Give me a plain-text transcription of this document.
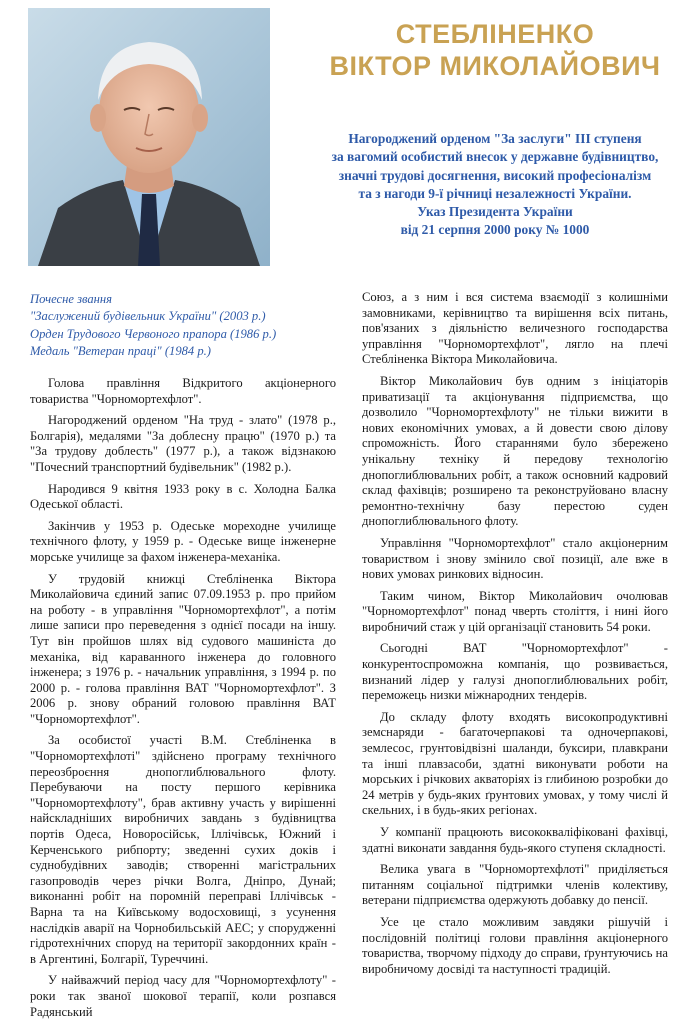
СТЕБЛІНЕНКО
ВІКТОР МИКОЛАЙОВИЧ
Нагороджений орденом "За заслуги" ІІІ ступеня
за вагомий особистий внесок у державне будівництво,
значні трудові досягнення, високий професіоналізм
та з нагоди 9-ї річниці незалежності України.
Указ Президента України
від 21 серпня 2000 року № 1000
Почесне звання
"Заслужений будівельник України" (2003 р.)
Орден Трудового Червоного прапора (1986 р.)
Медаль "Ветеран праці" (1984 р.)

Голова правління Відкритого акціонерного товариства "Чорномортехфлот".

Нагороджений орденом "На труд - злато" (1978 р., Болгарія), медалями "За доблесну працю" (1970 р.) та "За трудову доблесть" (1977 р.), а також відзнакою "Почесний транспортний будівельник" (1982 р.).

Народився 9 квітня 1933 року в с. Холодна Балка Одеської області.

Закінчив у 1953 р. Одеське мореходне училище технічного флоту, у 1959 р. - Одеське вище інженерне морське училище за фахом інженера-механіка.

У трудовій книжці Стебліненка Віктора Миколайовича єдиний запис 07.09.1953 р. про прийом на роботу - в управління "Чорномортехфлот", а потім лише записи про переведення з однієї посади на іншу. Тут він пройшов шлях від судового машиніста до механіка, від караванного інженера до головного інженера; з 1976 р. - начальник управління, з 1994 р. по 2000 р. - голова правління ВАТ "Чорномортехфлот". З 2006 р. знову обраний головою правління ВАТ "Чорномортехфлот".

За особистої участі В.М. Стебліненка в "Чорномортехфлоті" здійснено програму технічного переозброєння днопоглиблювального флоту. Перебуваючи на посту першого керівника "Чорномортехфлоту", брав активну участь у вирішенні найскладніших виробничих завдань з будівництва портів Одеса, Новоросійськ, Іллічівськ, Южний і Керченського рибпорту; зведенні сухих доків і суднобудівних заводів; створенні магістральних газопроводів через річки Волга, Дніпро, Дунай; виконанні робіт на поромній переправі Іллічівськ - Варна та на Київському водосховищі, з усунення наслідків аварії на Чорнобильській АЕС; у спорудженні гідротехнічних споруд на території закордонних країн - в Аргентині, Болгарії, Туреччині.

У найважчий період часу для "Чорномортехфлоту" - роки так званої шокової терапії, коли розпався Радянський

Союз, а з ним і вся система взаємодії з колишніми замовниками, керівництво та вирішення всіх питань, пов'язаних з діяльністю величезного господарства управління "Чорномортехфлот", лягло на плечі Стебліненка Віктора Миколайовича.

Віктор Миколайович був одним з ініціаторів приватизації та акціонування підприємства, що дозволило "Чорномортехфлоту" не тільки вижити в нових економічних умовах, а й довести свою ділову спроможність. Його стараннями було збережено унікальну техніку й передову технологію днопоглиблювальних робіт, а також основний кадровий склад фахівців; розширено та реконструйовано власну ремонтно-технічну базу перестою суден днопоглиблювального флоту.

Управління "Чорномортехфлот" стало акціонерним товариством і знову змінило свої позиції, але вже в нових умовах ринкових відносин.

Таким чином, Віктор Миколайович очолював "Чорномортехфлот" понад чверть століття, і нині його виробничий стаж у цій організації становить 54 роки.

Сьогодні ВАТ "Чорномортехфлот" - конкурентоспроможна компанія, що розвивається, визнаний лідер у галузі днопоглиблювальних робіт, переможець низки міжнародних тендерів.

До складу флоту входять високопродуктивні земснаряди - багаточерпакові та одночерпакові, землесос, грунтовідвізні шаланди, буксири, плавкрани та інші плавзасоби, здатні виконувати роботи на морських і річкових акваторіях із глибиною розробки до 24 метрів у будь-яких ґрунтових умовах, у тому числі й скельних, і в будь-яких регіонах.

У компанії працюють висококваліфіковані фахівці, здатні виконати завдання будь-якого ступеня складності.

Велика увага в "Чорномортехфлоті" приділяється питанням соціальної підтримки членів колективу, ветерани підприємства одержують добавку до пенсії.

Усе це стало можливим завдяки рішучій і послідовній політиці голови правління акціонерного товариства, творчому підходу до справи, ґрунтуючись на виробничому досвіді та наступності традицій.
